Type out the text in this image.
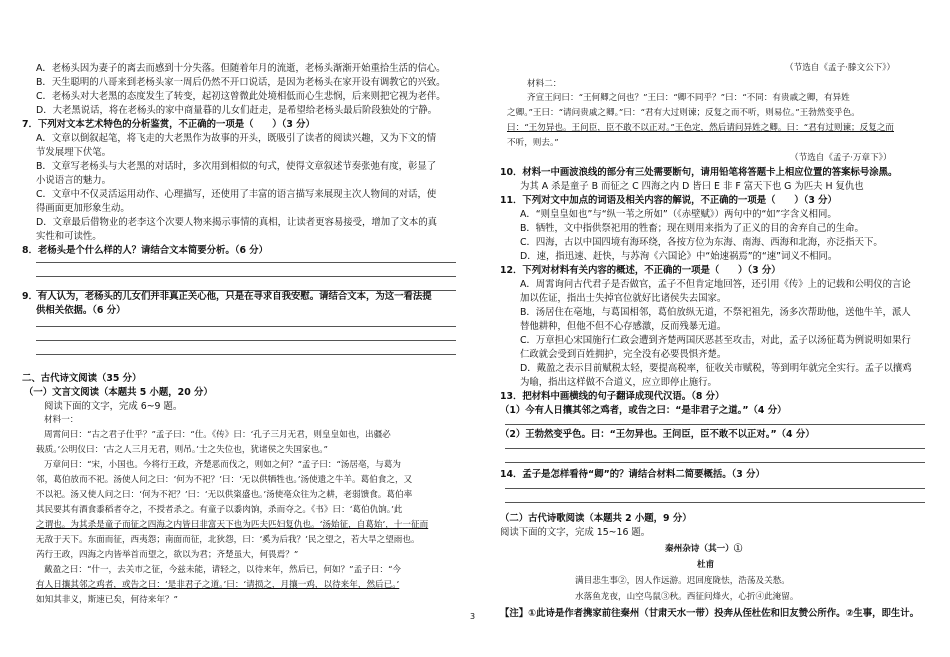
A．老杨头因为妻子的离去而感到十分失落。但随着年月的流逝，老杨头渐渐开始重拾生活的信心。
B．天生聪明的八哥来到老杨头家一周后仍然不开口说话，是因为老杨头在家开设有调教它的兴致。
C．老杨头对大老黑的态度发生了转变，起初这曾微此处境相低而心生悲悯，后来则把它视为老伴。
D．大老黑说话，将在老杨头的家中商量暮的儿女们赶走，是希望给老杨头最后阶段独处的宁静。
7．下列对文本艺术特色的分析鉴赏，不正确的一项是（　　）（3 分）
A．文章以倒叙起笔，将飞走的大老黑作为故事的开头，既吸引了读者的阅读兴趣，又为下文的情
节发展埋下伏笔。
B．文章写老杨头与大老黑的对话时，多次用到相似的句式，使得文章叙述节奏张弛有度，彰显了
小说语言的魅力。
C．文章中不仅灵活运用动作、心理描写，还使用了丰富的语言描写来展现主次人物间的对话，使
得画面更加形象生动。
D．文章最后借物业的老李这个次要人物来揭示事情的真相，让读者更容易接受，增加了文本的真
实性和可读性。
8．老杨头是个什么样的人？请结合文本简要分析。（6 分）
9．有人认为，老杨头的儿女们并非真正关心他，只是在寻求自我安慰。请结合文本，为这一看法提
供相关依据。（6 分）
二、古代诗文阅读（35 分）
（一）文言文阅读（本题共 5 小题，20 分）
阅读下面的文字，完成 6~9 题。
材料一：
周霄问曰：“古之君子仕乎？”孟子曰：“仕。《传》曰：‘孔子三月无君，则皇皇如也，出疆必
载质。’公明仪曰：‘古之人三月无君，则吊。’士之失位也，犹诸侯之失国家也。”
万章问曰：“宋，小国也。今将行王政，齐楚恶而伐之，则如之何？”孟子曰：“汤居亳，与葛为
邻，葛伯放而不祀。汤使人问之曰：‘何为不祀？’曰：‘无以供牺牲也。’汤使遗之牛羊。葛伯食之，又
不以祀。汤又使人问之曰：‘何为不祀？’曰：‘无以供粢盛也。’汤使亳众往为之耕，老弱馈食。葛伯率
其民要其有酒食黍稻者夺之，不授者杀之。有童子以黍肉饷，杀而夺之。《书》曰：‘葛伯仇饷。’此
之谓也。为其杀是童子而征之四海之内皆曰非富天下也为匹夫匹妇复仇也。‘汤始征，自葛始’，十一征而
无敌于天下。东面而征，西夷怨；南面而征，北狄怨，曰：‘奚为后我？’民之望之，若大旱之望雨也。
芮行王政，四海之内皆举首而望之，欲以为君；齐楚虽大，何畏焉？”
戴盈之曰：“什一，去关市之征，今兹未能，请轻之，以待来年，然后已，何如？”孟子曰：“今
有人日攘其邻之鸡者，或告之曰：‘是非君子之道。’曰：‘请损之，月攘一鸡，以待来年，然后已。’
如知其非义，斯速已矣，何待来年？”
（节选自《孟子·滕文公下》）
材料二：
齐宣王问曰：“王何卿之问也？”王曰：“卿不同乎？”曰：“不同：有贵戚之卿，有异姓
之卿。”王曰：“请问贵戚之卿。”曰：“君有大过则谏；反复之而不听，则易位。”王勃然变乎色。
曰：“王勿异也。王问臣，臣不敢不以正对。”王色定，然后请问异姓之卿。曰：“君有过则谏；反复之而
不听，则去。”
（节选自《孟子·万章下》）
10．材料一中画波浪线的部分有三处需要断句，请用铅笔将答题卡上相应位置的答案标号涂黑。
为其 A 杀是童子 B 而征之 C 四海之内 D 皆曰 E 非 F 富天下也 G 为匹夫 H 复仇也
11．下列对文中加点的词语及相关内容的解说，不正确的一项是（　　）（3 分）
A．“则皇皇如也”与“纵一苇之所如”（《赤壁赋》）两句中的“如”字含义相同。
B．牺牲，文中指供祭祀用的牲畜；现在则用来指为了正义的目的舍弃自己的生命。
C．四海，古以中国四境有海环绕，各按方位为东海、南海、西海和北海，亦泛指天下。
D．速，指迅速、赶快，与苏洵《六国论》中“始速祸焉”的“速”词义不相同。
12．下列对材料有关内容的概述，不正确的一项是（　　）（3 分）
A．周霄询问古代君子是否做官，孟子不但肯定地回答，还引用《传》上的记载和公明仪的言论
加以佐证，指出士失掉官位就好比诸侯失去国家。
B．汤居住在亳地，与葛国相邻，葛伯放纵无道，不祭祀祖先，汤多次帮助他，送他牛羊，派人
替他耕种，但他不但不心存感激，反而残暴无道。
C．万章担心宋国施行仁政会遭到齐楚两国厌恶甚至攻击，对此，孟子以汤征葛为例说明如果行
仁政就会受到百姓拥护，完全没有必要畏惧齐楚。
D．戴盈之表示目前赋税太轻，要提高税率，征收关市赋税，等到明年就完全实行。孟子以攘鸡
为喻，指出这样做不合道义，应立即停止施行。
13．把材料中画横线的句子翻译成现代汉语。（8 分）
（1）今有人日攘其邻之鸡者，或告之曰：“是非君子之道。”（4 分）
（2）王勃然变乎色。曰：“王勿异也。王问臣，臣不敢不以正对。”（4 分）
14．孟子是怎样看待“卿”的？请结合材料二简要概括。（3 分）
（二）古代诗歌阅读（本题共 2 小题，9 分）
阅读下面的文字，完成 15~16 题。
秦州杂诗（其一）①
杜甫
满目悲生事②，因人作远游。迟回度陇怯，浩荡及关愁。
水落鱼龙夜，山空鸟鼠③秋。西征问烽火，心折④此淹留。
【注】①此诗是作者携家前往秦州（甘肃天水一带）投奔从侄杜佐和旧友赞公所作。②生事，即生计。
3
